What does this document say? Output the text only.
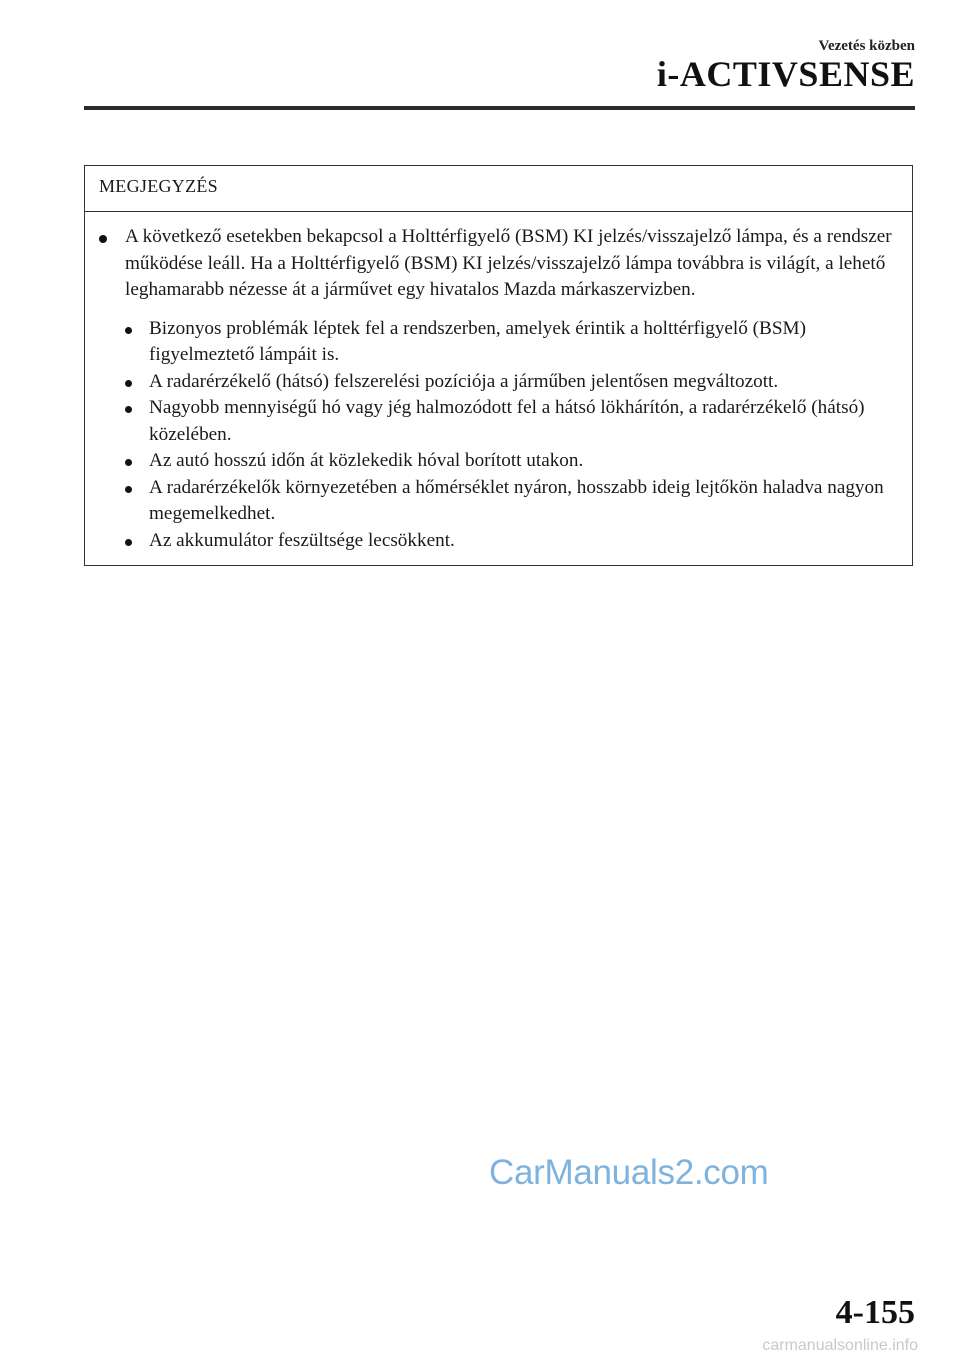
Vezetés közben
i-ACTIVSENSE
MEGJEGYZÉS
A következő esetekben bekapcsol a Holttérfigyelő (BSM) KI jelzés/visszajelző lámpa, és a rendszer működése leáll. Ha a Holttérfigyelő (BSM) KI jelzés/visszajelző lámpa továbbra is világít, a lehető leghamarabb nézesse át a járművet egy hivatalos Mazda márkaszervizben.
Bizonyos problémák léptek fel a rendszerben, amelyek érintik a holttérfigyelő (BSM) figyelmeztető lámpáit is.
A radarérzékelő (hátsó) felszerelési pozíciója a járműben jelentősen megváltozott.
Nagyobb mennyiségű hó vagy jég halmozódott fel a hátsó lökhárítón, a radarérzékelő (hátsó) közelében.
Az autó hosszú időn át közlekedik hóval borított utakon.
A radarérzékelők környezetében a hőmérséklet nyáron, hosszabb ideig lejtőkön haladva nagyon megemelkedhet.
Az akkumulátor feszültsége lecsökkent.
CarManuals2.com
4-155
carmanualsonline.info
